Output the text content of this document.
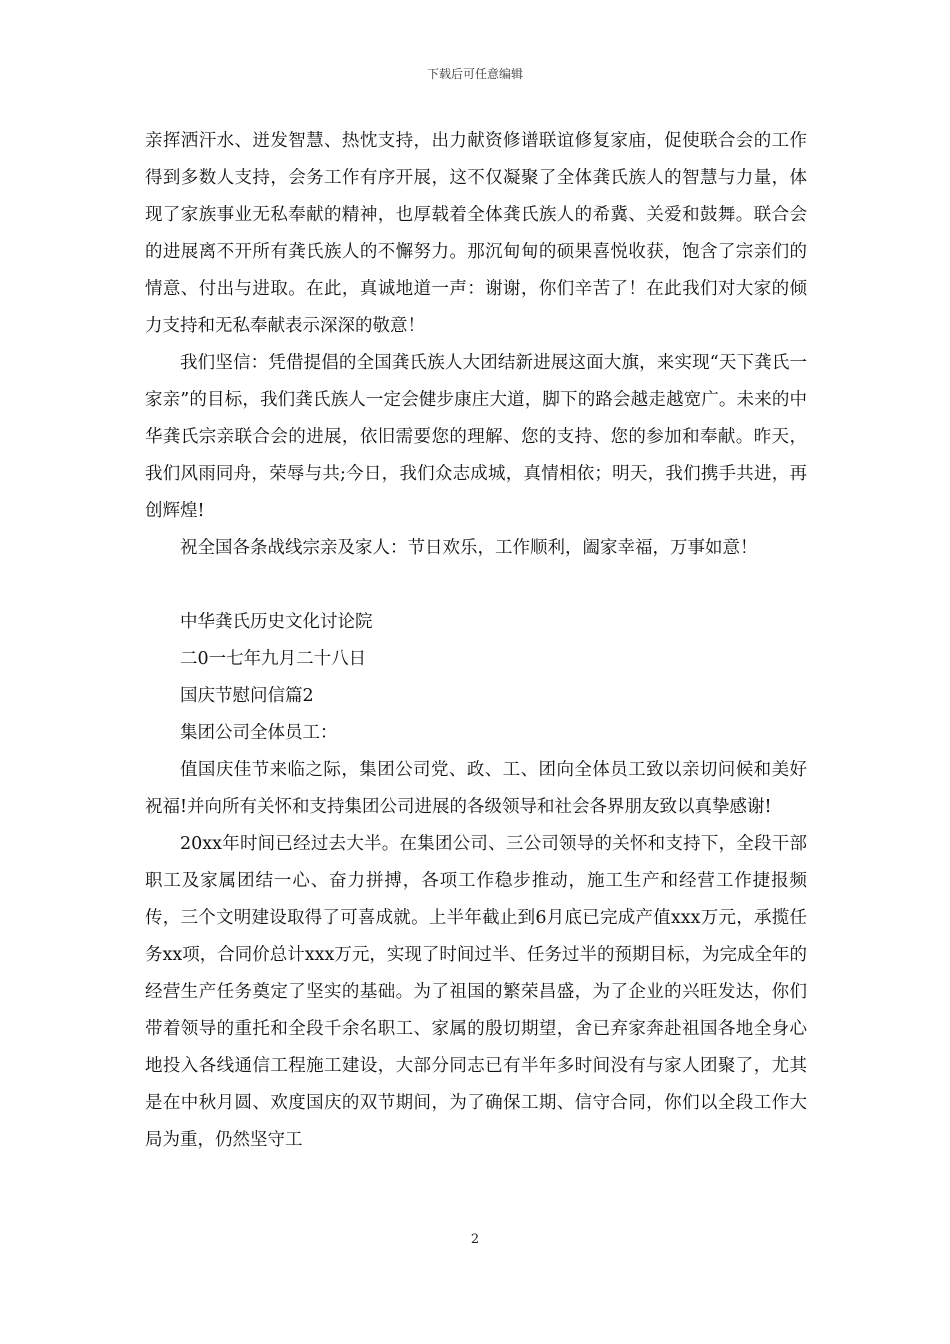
下载后可任意编辑

亲挥洒汗水、迸发智慧、热忱支持，出力献资修谱联谊修复家庙，促使联合会的工作得到多数人支持，会务工作有序开展，这不仅凝聚了全体龚氏族人的智慧与力量，体现了家族事业无私奉献的精神，也厚载着全体龚氏族人的希冀、关爱和鼓舞。联合会的进展离不开所有龚氏族人的不懈努力。那沉甸甸的硕果喜悦收获，饱含了宗亲们的情意、付出与进取。在此，真诚地道一声：谢谢，你们辛苦了！在此我们对大家的倾力支持和无私奉献表示深深的敬意！

我们坚信：凭借提倡的全国龚氏族人大团结新进展这面大旗，来实现“天下龚氏一家亲”的目标，我们龚氏族人一定会健步康庄大道，脚下的路会越走越宽广。未来的中华龚氏宗亲联合会的进展，依旧需要您的理解、您的支持、您的参加和奉献。昨天，我们风雨同舟，荣辱与共;今日，我们众志成城，真情相依；明天，我们携手共进，再创辉煌!

祝全国各条战线宗亲及家人：节日欢乐，工作顺利，阖家幸福，万事如意！

中华龚氏历史文化讨论院

二0一七年九月二十八日

国庆节慰问信篇2

集团公司全体员工：

值国庆佳节来临之际，集团公司党、政、工、团向全体员工致以亲切问候和美好祝福!并向所有关怀和支持集团公司进展的各级领导和社会各界朋友致以真挚感谢!

20xx年时间已经过去大半。在集团公司、三公司领导的关怀和支持下，全段干部职工及家属团结一心、奋力拼搏，各项工作稳步推动，施工生产和经营工作捷报频传，三个文明建设取得了可喜成就。上半年截止到6月底已完成产值xxx万元，承揽任务xx项，合同价总计xxx万元，实现了时间过半、任务过半的预期目标，为完成全年的经营生产任务奠定了坚实的基础。为了祖国的繁荣昌盛，为了企业的兴旺发达，你们带着领导的重托和全段千余名职工、家属的殷切期望，舍已弃家奔赴祖国各地全身心地投入各线通信工程施工建设，大部分同志已有半年多时间没有与家人团聚了，尤其是在中秋月圆、欢度国庆的双节期间，为了确保工期、信守合同，你们以全段工作大局为重，仍然坚守工

2
